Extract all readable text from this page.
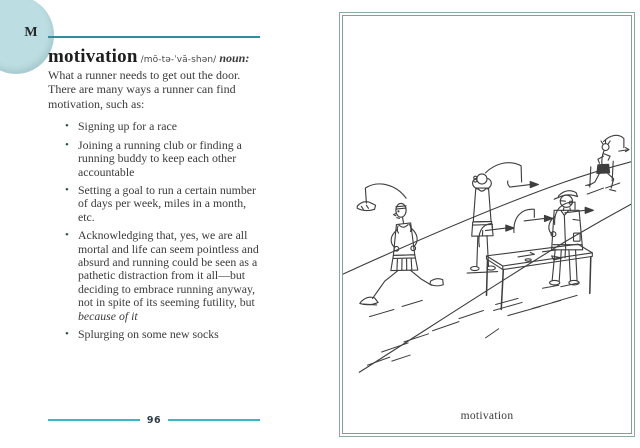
M

motivation /mō-tə-ˈvā-shən/ noun: What a runner needs to get out the door. There are many ways a runner can find motivation, such as:

• Signing up for a race
• Joining a running club or finding a running buddy to keep each other accountable
• Setting a goal to run a certain number of days per week, miles in a month, etc.
• Acknowledging that, yes, we are all mortal and life can seem pointless and absurd and running could be seen as a pathetic distraction from it all—but deciding to embrace running anyway, not in spite of its seeming futility, but because of it
• Splurging on some new socks
96	motivation
